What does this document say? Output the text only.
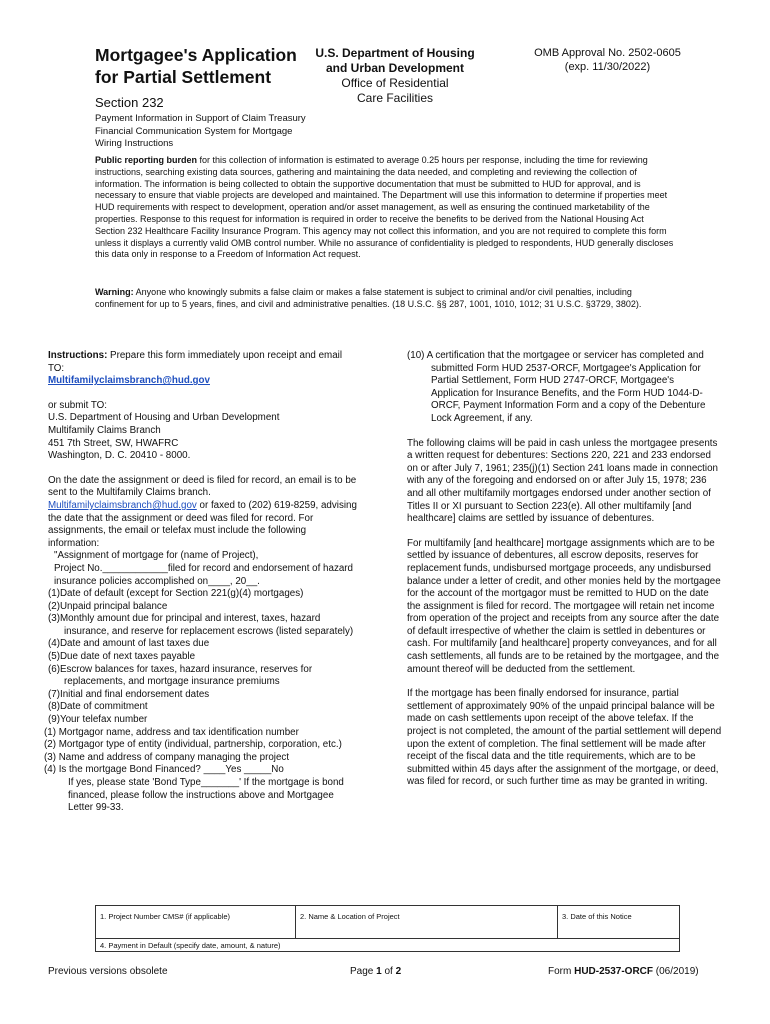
Mortgagee's Application
for Partial Settlement
Section 232
Payment Information in Support of Claim Treasury Financial Communication System for Mortgage Wiring Instructions
U.S. Department of Housing
and Urban Development
Office of Residential
Care Facilities
OMB Approval No. 2502-0605
(exp. 11/30/2022)
Public reporting burden for this collection of information is estimated to average 0.25 hours per response, including the time for reviewing instructions, searching existing data sources, gathering and maintaining the data needed, and completing and reviewing the collection of information. The information is being collected to obtain the supportive documentation that must be submitted to HUD for approval, and is necessary to ensure that viable projects are developed and maintained. The Department will use this information to determine if properties meet HUD requirements with respect to development, operation and/or asset management, as well as ensuring the continued marketability of the properties. Response to this request for information is required in order to receive the benefits to be derived from the National Housing Act Section 232 Healthcare Facility Insurance Program. This agency may not collect this information, and you are not required to complete this form unless it displays a currently valid OMB control number. While no assurance of confidentiality is pledged to respondents, HUD generally discloses this data only in response to a Freedom of Information Act request.
Warning: Anyone who knowingly submits a false claim or makes a false statement is subject to criminal and/or civil penalties, including confinement for up to 5 years, fines, and civil and administrative penalties. (18 U.S.C. §§ 287, 1001, 1010, 1012; 31 U.S.C. §3729, 3802).
Instructions: Prepare this form immediately upon receipt and email TO:
Multifamilyclaimsbranch@hud.gov
or submit TO:
U.S. Department of Housing and Urban Development
Multifamily Claims Branch
451 7th Street, SW, HWAFRC
Washington, D. C. 20410 - 8000.
On the date the assignment or deed is filed for record, an email is to be sent to the Multifamily Claims branch.
Multifamilyclaimsbranch@hud.gov or faxed to (202) 619-8259, advising the date that the assignment or deed was filed for record. For assignments, the email or telefax must include the following information:
"Assignment of mortgage for (name of Project),
Project No.____________filed for record and endorsement of hazard insurance policies accomplished on____, 20__.
(1)Date of default (except for Section 221(g)(4) mortgages)
(2)Unpaid principal balance
(3)Monthly amount due for principal and interest, taxes, hazard insurance, and reserve for replacement escrows (listed separately)
(4)Date and amount of last taxes due
(5)Due date of next taxes payable
(6)Escrow balances for taxes, hazard insurance, reserves for replacements, and mortgage insurance premiums
(7)Initial and final endorsement dates
(8)Date of commitment
(9)Your telefax number
(1) Mortgagor name, address and tax identification number
(2) Mortgagor type of entity (individual, partnership, corporation, etc.)
(3) Name and address of company managing the project
(4) Is the mortgage Bond Financed? ____Yes _____No
If yes, please state 'Bond Type_______' If the mortgage is bond financed, please follow the instructions above and Mortgagee Letter 99-33.
(10) A certification that the mortgagee or servicer has completed and submitted Form HUD 2537-ORCF, Mortgagee's Application for Partial Settlement, Form HUD 2747-ORCF, Mortgagee's Application for Insurance Benefits, and the Form HUD 1044-D-ORCF, Payment Information Form and a copy of the Debenture Lock Agreement, if any.
The following claims will be paid in cash unless the mortgagee presents a written request for debentures: Sections 220, 221 and 233 endorsed on or after July 7, 1961; 235(j)(1) Section 241 loans made in connection with any of the foregoing and endorsed on or after July 15, 1978; 236 and all other multifamily mortgages endorsed under another section of Titles II or XI pursuant to Section 223(e). All other multifamily [and healthcare] claims are settled by issuance of debentures.
For multifamily [and healthcare] mortgage assignments which are to be settled by issuance of debentures, all escrow deposits, reserves for replacement funds, undisbursed mortgage proceeds, any undisbursed balance under a letter of credit, and other monies held by the mortgagee for the account of the mortgagor must be remitted to HUD on the date the assignment is filed for record. The mortgagee will retain net income from operation of the project and receipts from any source after the date of default irrespective of whether the claim is settled in debentures or cash. For multifamily [and healthcare] property conveyances, and for all cash settlements, all funds are to be retained by the mortgagee, and the amount thereof will be deducted from the settlement.
If the mortgage has been finally endorsed for insurance, partial settlement of approximately 90% of the unpaid principal balance will be made on cash settlements upon receipt of the above telefax. If the project is not completed, the amount of the partial settlement will depend upon the extent of completion. The final settlement will be made after receipt of the fiscal data and the title requirements, which are to be submitted within 45 days after the assignment of the mortgage, or deed, was filed for record, or such further time as may be granted in writing.
1. Project Number CMS# (if applicable)	2. Name & Location of Project	3. Date of this Notice
4. Payment in Default (specify date, amount, & nature)
Previous versions obsolete	Page 1 of 2	Form HUD-2537-ORCF (06/2019)
